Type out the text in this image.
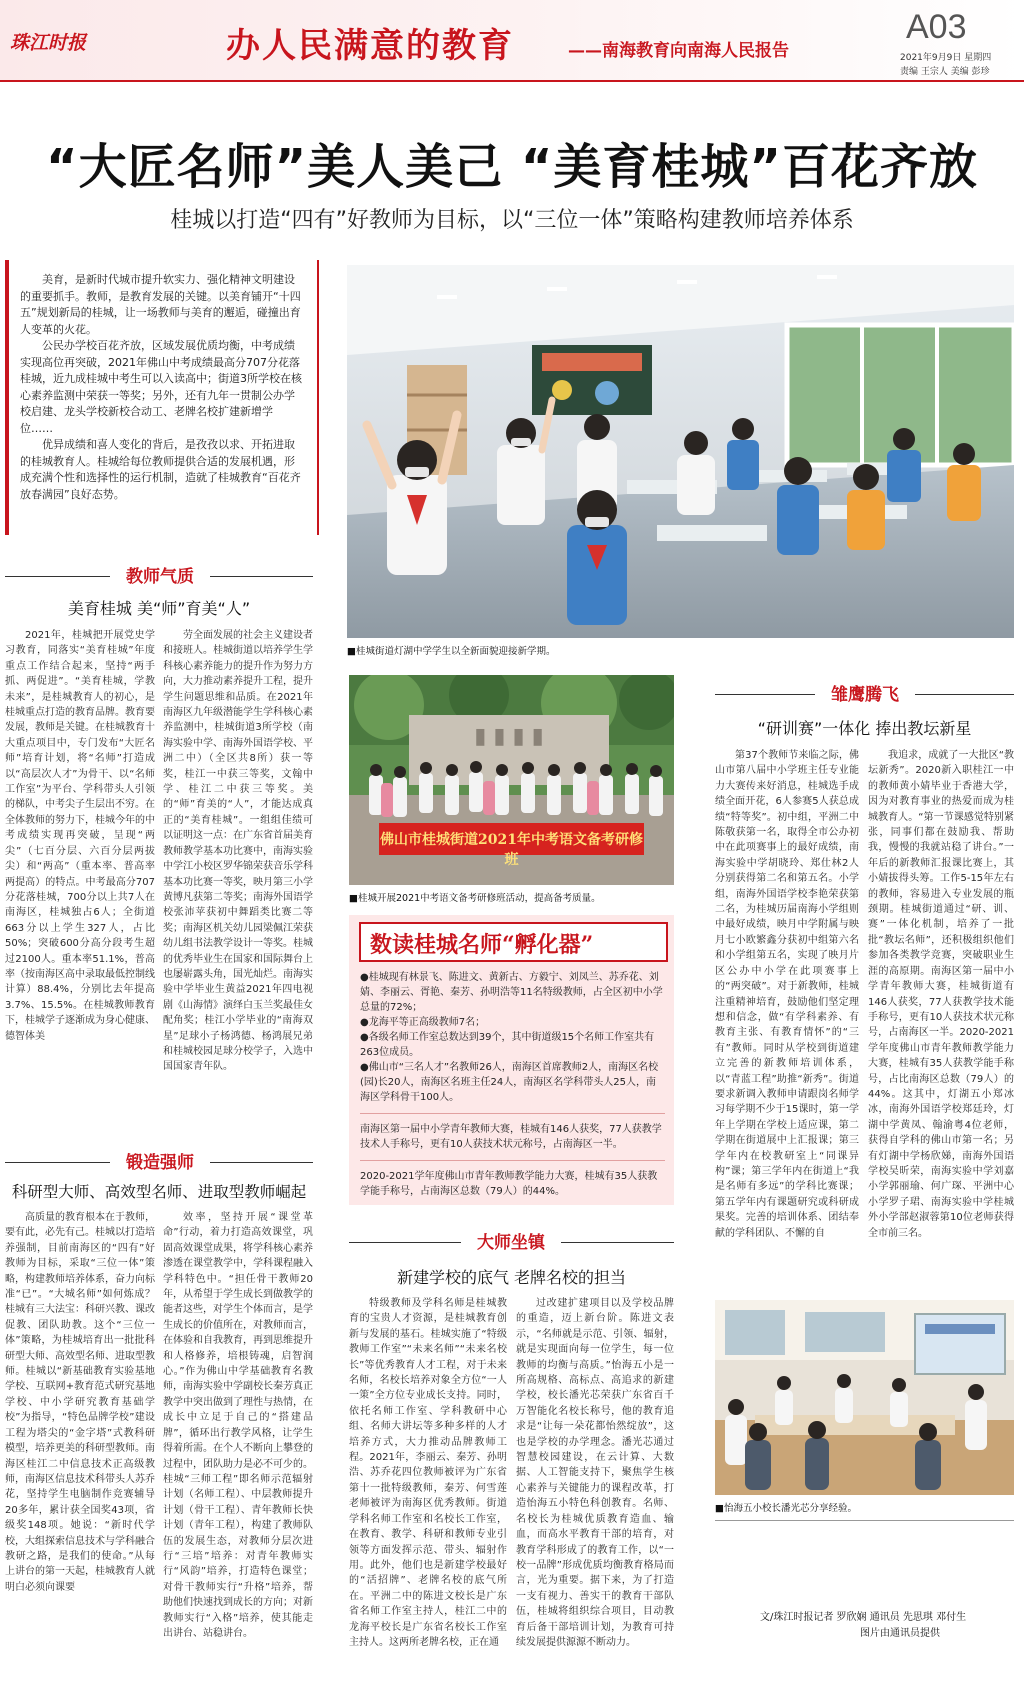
珠江时报	办人民满意的教育	——南海教育向南海人民报告
A03
2021年9月9日 星期四
责编 王宗人 美编 彭珍
“大匠名师”美人美己 “美育桂城”百花齐放
桂城以打造“四有”好教师为目标，以“三位一体”策略构建教师培养体系
美育，是新时代城市提升软实力、强化精神文明建设的重要抓手。教师，是教育发展的关键。以美育铺开“十四五”规划新局的桂城，让一场教师与美育的邂逅，碰撞出育人变革的火花。
公民办学校百花齐放，区域发展优质均衡，中考成绩实现高位再突破，2021年佛山中考成绩最高分707分花落桂城，近九成桂城中考生可以入读高中；街道3所学校在核心素养监测中荣获一等奖；另外，还有九年一贯制公办学校启建、龙头学校新校合动工、老牌名校扩建新增学位……
优异成绩和喜人变化的背后，是孜孜以求、开拓进取的桂城教育人。桂城给每位教师提供合适的发展机遇，形成充满个性和选择性的运行机制，造就了桂城教育“百花齐放春满园”良好态势。
教师气质
美育桂城 美“师”育美“人”
2021年，桂城把开展党史学习教育，同落实“美育桂城”年度重点工作结合起来，坚持“两手抓、两促进”。“美育桂城，学教未来”，是桂城教育人的初心，是桂城重点打造的教育品牌。教育要发展，教师是关键。在桂城教育十大重点项目中，专门发布“大匠名师”培育计划，将“名师”打造成以“高层次人才”为骨干、以“名师工作室”为平台、学科带头人引领的梯队，中考尖子生层出不穷。在全体教师的努力下，桂城今年的中考成绩实现再突破，呈现“两尖”（七百分层、六百分层两拔尖）和“两高”（重本率、普高率两提高）的特点。中考最高分707分花落桂城，700分以上共7人在南海区，桂城独占6人；全街道663分以上学生327人，占比50%；突破600分高分段考生超过2100人。重本率51.1%，普高率（按南海区高中录取最低控制线计算）88.4%，分别比去年提高3.7%、15.5%。在桂城教师教育下，桂城学子逐渐成为身心健康、德智体美
劳全面发展的社会主义建设者和接班人。桂城街道以培养学生学科核心素养能力的提升作为努力方向，大力推动素养提升工程，提升学生问题思维和品质。在2021年南海区九年级潜能学生学科核心素养监测中，桂城街道3所学校（南海实验中学、南海外国语学校、平洲二中）（全区共8所）获一等奖，桂江一中获三等奖，文翰中学、桂江二中获三等奖。美的“师”育美的“人”，才能达成真正的“美育桂城”。一组组佳绩可以证明这一点：在广东省首届美育教师教学基本功比赛中，南海实验中学江小校区罗华锦荣获音乐学科基本功比赛一等奖，映月第三小学黄博凡获第二等奖；南海外国语学校张沛苹获初中舞蹈类比赛二等奖；南海区机关幼儿园梁佩江荣获幼儿组书法教学设计一等奖。桂城的优秀毕业生在国家和国际舞台上也屡崭露头角，国光灿烂。南海实验中学毕业生黄益2021年四电视剧《山海情》演绎白玉兰奖最佳女配角奖；桂江小学毕业的“南海双星”足球小子杨鸿德、杨鸿展兄弟和桂城校园足球分校学子，入选中国国家青年队。
锻造强师
科研型大师、高效型名师、进取型教师崛起
高质量的教育根本在于教师，要有此，必先有己。桂城以打造培养强制，目前南海区的“四有”好教师为目标，采取“三位一体”策略，构建教师培养体系，奋力向标准“已”。“大城名师”如何炼成？桂城有三大法宝：科研兴教、课改促教、团队助教。这个“三位一体”策略，为桂城培育出一批批科研型大师、高效型名师、进取型教师。桂城以“新基础教育实验基地学校、互联网+教育范式研究基地学校、中小学研究教育基础学校”为指导，“特色品牌学校”建设工程为塔尖的“金字塔”式教科研模型，培养更美的科研型教师。南海区桂江二中信息技术正高级教师，南海区信息技术科带头人苏乔花，坚持学生电脑制作竞赛辅导20多年，累计获全国奖43项，省级奖148项。她说：“新时代学校，大组探索信息技术与学科融合教研之路，是我们的使命。”从每上讲台的第一天起，桂城教育人就明白必须向课要
效率，坚持开展“课堂革命”行动，着力打造高效课堂，巩固高效课堂成果，将学科核心素养渗透在课堂教学中，学科课程融入学科特色中。“担任骨干教师20年，从希望于学生成长到做教学的能者这些，对学生个体而言，是学生成长的价值所在，对教师而言，在体验和自我教育，再到思维提升和人格修养，培根铸魂，启智润心。”作为佛山中学基础教育名教师，南海实验中学副校长秦芳真正教学中突出做到了理性与热情，在成长中立足于自己的“搭建品牌”，循环出行教学风格，让学生得着所需。在个人不断向上攀登的过程中，团队助力是必不可少的。桂城“三师工程”即名师示范辐射计划（名师工程）、中层教师提升计划（骨干工程）、青年教师长快计划（青年工程），构建了教师队伍的发展生态，对教师分层次进行“三培”培养：对青年教师实行“风韵”培养，打造特色课堂；对骨干教师实行“升格”培养，帮助他们快速找到成长的方向；对新教师实行“入格”培养，使其能走出讲台、站稳讲台。
■桂城街道灯湖中学学生以全新面貌迎接新学期。
▮ ▮ ▮ ▮
佛山市桂城街道2021年中考语文备考研修班
■桂城开展2021中考语文备考研修班活动，提高备考质量。
数读桂城名师“孵化器”
●桂城现有林景飞、陈进文、黄新古、方毅宁、刘凤兰、苏乔花、刘婧、李丽云、胥艳、秦芳、孙明浩等11名特级教师，占全区初中小学总量的72%；
●龙海平等正高级教师7名；
●各级名师工作室总数达到39个，其中街道级15个名师工作室共有263位成员。
●佛山市“三名人才”名教师26人，南海区首席教师2人，南海区名校(园)长20人，南海区名班主任24人，南海区名学科带头人25人，南海区学科骨干100人。
南海区第一届中小学青年教师大赛，桂城有146人获奖，77人获教学技术人手称号，更有10人获技术状元称号，占南海区一半。
2020-2021学年度佛山市青年教师教学能力大赛，桂城有35人获教学能手称号，占南海区总数（79人）的44%。
大师坐镇
新建学校的底气 老牌名校的担当
特级教师及学科名师是桂城教育的宝贵人才资源，是桂城教育创新与发展的基石。桂城实施了“特级教师工作室”“未来名师”“未来名校长”等优秀教育人才工程，对于未来名师，名校长培养对象全方位“一人一策”全方位专业成长支持。同时，依托名师工作室、学科教研中心组、名师大讲坛等多种多样的人才培养方式，大力推动品牌教师工程。2021年，李丽云、秦芳、孙明浩、苏乔花四位教师被评为广东省第十一批特级教师，秦芳、何雪莲老师被评为南海区优秀教师。街道学科名师工作室和名校长工作室，在教育、教学、科研和教师专业引领等方面发挥示范、带头、辐射作用。此外，他们也是新建学校最好的“活招牌”、老牌名校的底气所在。平洲二中的陈进文校长是广东省名师工作室主持人，桂江二中的龙海平校长是广东省名校长工作室主持人。这两所老牌名校，正在通
过改建扩建项目以及学校品牌的重造，迈上新台阶。陈进文表示，“名师就是示范、引领、辐射，就是实现面向每一位学生，每一位教师的均衡与高质。”怡海五小是一所高规格、高标点、高追求的新建学校，校长潘光芯荣获广东省百千万智能化名校长称号，他的教育追求是“让每一朵花都怡然绽放”，这也是学校的办学理念。潘光芯通过智慧校园建设，在云计算、大数据、人工智能支持下，聚焦学生核心素养与关键能力的课程改革，打造怡海五小特色科创教育。名师、名校长为桂城优质教育造血、输血，而高水平教育干部的培育，对教育学科形成了的教育工作，以“一校一品牌”形成优质均衡教育格局而言，光为重要。据下来，为了打造一支有视力、善实干的教育干部队伍，桂城将组织综合项目，目动教育后备干部培训计划，为教育可持续发展提供源源不断动力。
雏鹰腾飞
“研训赛”一体化 捧出教坛新星
第37个教师节来临之际，佛山市第八届中小学班主任专业能力大赛传来好消息，桂城选手成绩全面开花，6人参赛5人获总成绩“特等奖”。初中组，平洲二中陈敬获第一名，取得全市公办初中在此项赛事上的最好成绩，南海实验中学胡晓玲、郑仕林2人分别获得第二名和第五名。小学组，南海外国语学校李艳荣获第二名，为桂城历届南海小学组则中最好成绩，映月中学附属与映月七小欧繁鑫分获初中组第六名和小学组第五名，实现了映月片区公办中小学在此项赛事上的“两突破”。对于新教师，桂城注重精神培育，鼓励他们坚定理想和信念，做“有学科素养、有教育主张、有教育情怀”的“三有”教师。同时从学校到街道建立完善的新教师培训体系，以“青蓝工程”助推“新秀”。街道要求新调入教师申请跟岗名师学习每学期不少于15课时，第一学年上学期在学校上适应课，第二学期在街道展中上汇报课；第三学年内在校教研室上“同课异构”课；第三学年内在街道上“我是名师有多远”的学科比赛课；第五学年内有课题研究或科研成果奖。完善的培训体系、团结奉献的学科团队、不懈的自
我追求，成就了一大批区“教坛新秀”。2020新入职桂江一中的教师黄小婧毕业于香港大学，因为对教育事业的热爱而成为桂城教育人。“第一节课感觉特别紧张，同事们都在鼓励我、帮助我，慢慢的我就站稳了讲台。”一年后的新教师汇报课比赛上，其小婧拔得头筹。工作5-15年左右的教师，容易进入专业发展的瓶颈期。桂城街道通过“研、训、赛”一体化机制，培养了一批批“教坛名师”，还积极组织他们参加各类教学竞赛，突破职业生涯的高原期。南海区第一届中小学青年教师大赛，桂城街道有146人获奖，77人获教学技术能手称号，更有10人获技术状元称号，占南海区一半。2020-2021学年度佛山市青年教师教学能力大赛，桂城有35人获教学能手称号，占比南海区总数（79人）的44%。这其中，灯湖五小郑冰冰，南海外国语学校郑廷玲，灯湖中学黄凤、翰渝粤4位老师，获得自学科的佛山市第一名；另有灯湖中学杨欣娣，南海外国语学校吴昕荣，南海实验中学刘嘉小学郭丽瑜、何广琛、平洲中心小学罗子珺、南海实验中学桂城外小学部赵淑蓉第10位老师获得全市前三名。
■怡海五小校长潘光芯分享经验。
文/珠江时报记者 罗欣娴 通讯员 先思琪 邓付生
图片由通讯员提供
